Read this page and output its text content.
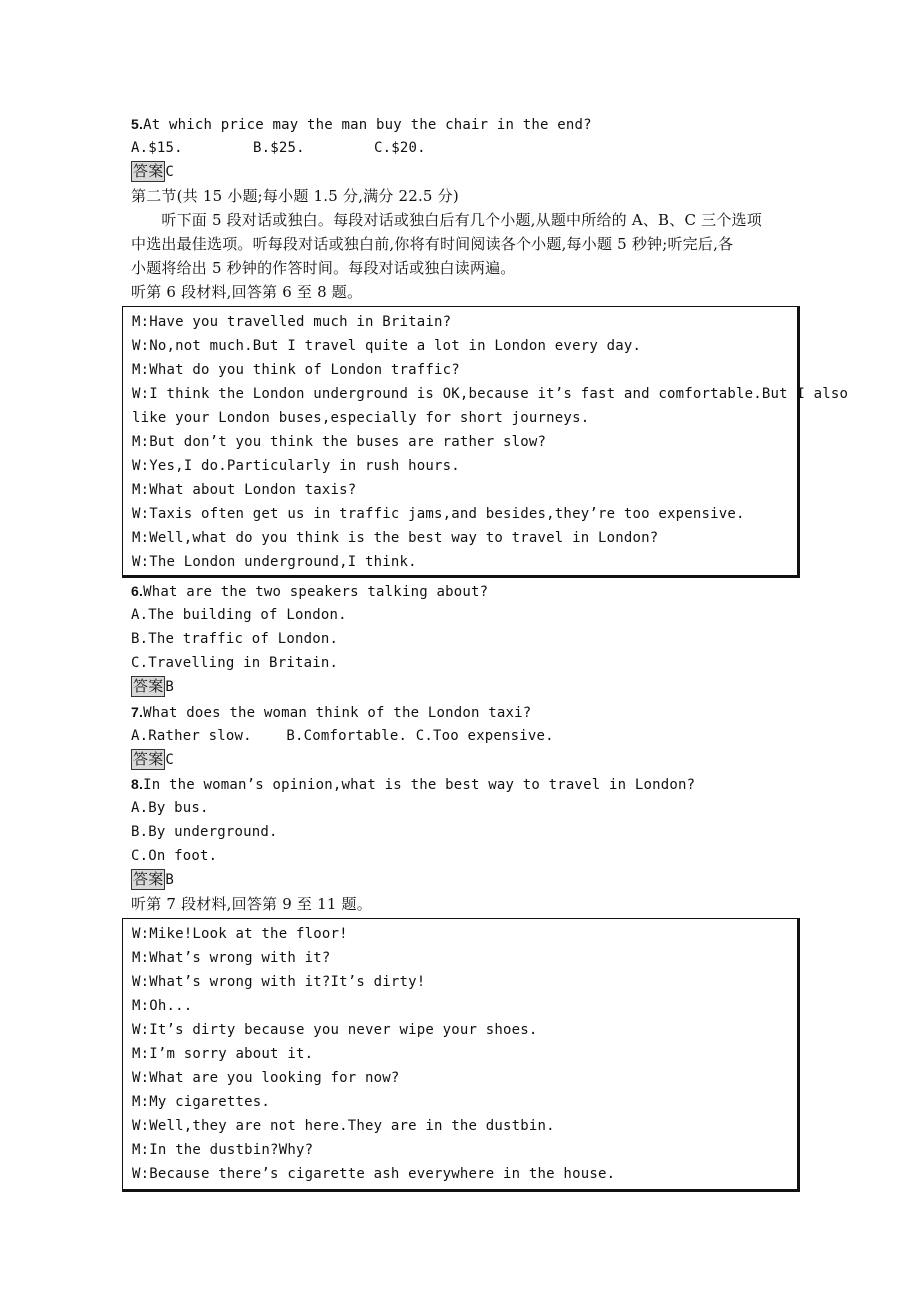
5.At which price may the man buy the chair in the end?
A.$15.	B.$25.	C.$20.
答案 C
第二节(共 15 小题;每小题 1.5 分,满分 22.5 分)
　　听下面 5 段对话或独白。每段对话或独白后有几个小题,从题中所给的 A、B、C 三个选项
中选出最佳选项。听每段对话或独白前,你将有时间阅读各个小题,每小题 5 秒钟;听完后,各
小题将给出 5 秒钟的作答时间。每段对话或独白读两遍。
听第 6 段材料,回答第 6 至 8 题。
M:Have you travelled much in Britain?
W:No,not much.But I travel quite a lot in London every day.
M:What do you think of London traffic?
W:I think the London underground is OK,because it’s fast and comfortable.But I also
like your London buses,especially for short journeys.
M:But don’t you think the buses are rather slow?
W:Yes,I do.Particularly in rush hours.
M:What about London taxis?
W:Taxis often get us in traffic jams,and besides,they’re too expensive.
M:Well,what do you think is the best way to travel in London?
W:The London underground,I think.
6.What are the two speakers talking about?
A.The building of London.
B.The traffic of London.
C.Travelling in Britain.
答案 B
7.What does the woman think of the London taxi?
A.Rather slow.    B.Comfortable. C.Too expensive.
答案 C
8.In the woman’s opinion,what is the best way to travel in London?
A.By bus.
B.By underground.
C.On foot.
答案 B
听第 7 段材料,回答第 9 至 11 题。
W:Mike!Look at the floor!
M:What’s wrong with it?
W:What’s wrong with it?It’s dirty!
M:Oh...
W:It’s dirty because you never wipe your shoes.
M:I’m sorry about it.
W:What are you looking for now?
M:My cigarettes.
W:Well,they are not here.They are in the dustbin.
M:In the dustbin?Why?
W:Because there’s cigarette ash everywhere in the house.
